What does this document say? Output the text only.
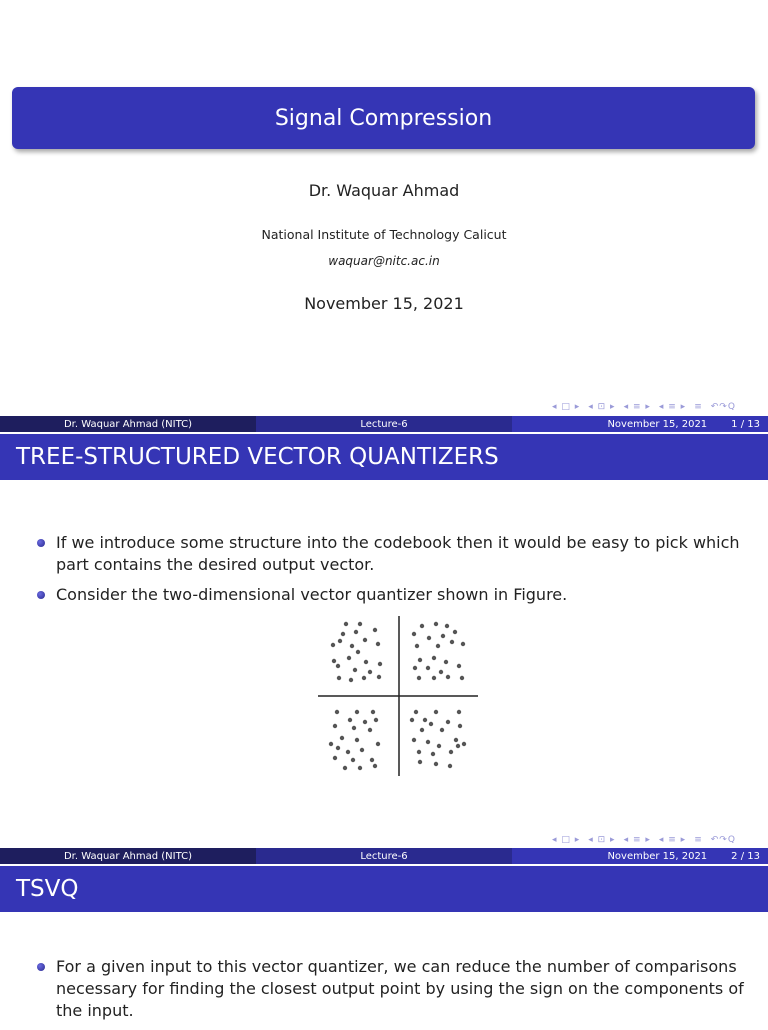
Signal Compression
Dr. Waquar Ahmad
National Institute of Technology Calicut
waquar@nitc.ac.in
November 15, 2021
◂ □ ▸ ◂ ⊡ ▸ ◂ ≡ ▸ ◂ ≡ ▸ ≡ ↶↷Q
Dr. Waquar Ahmad (NITC)	Lecture-6	November 15, 2021 1 / 13
TREE-STRUCTURED VECTOR QUANTIZERS
If we introduce some structure into the codebook then it would be easy to pick which part contains the desired output vector.
Consider the two-dimensional vector quantizer shown in Figure.
◂ □ ▸ ◂ ⊡ ▸ ◂ ≡ ▸ ◂ ≡ ▸ ≡ ↶↷Q
Dr. Waquar Ahmad (NITC)	Lecture-6	November 15, 2021 2 / 13
TSVQ
For a given input to this vector quantizer, we can reduce the number of comparisons necessary for finding the closest output point by using the sign on the components of the input.
